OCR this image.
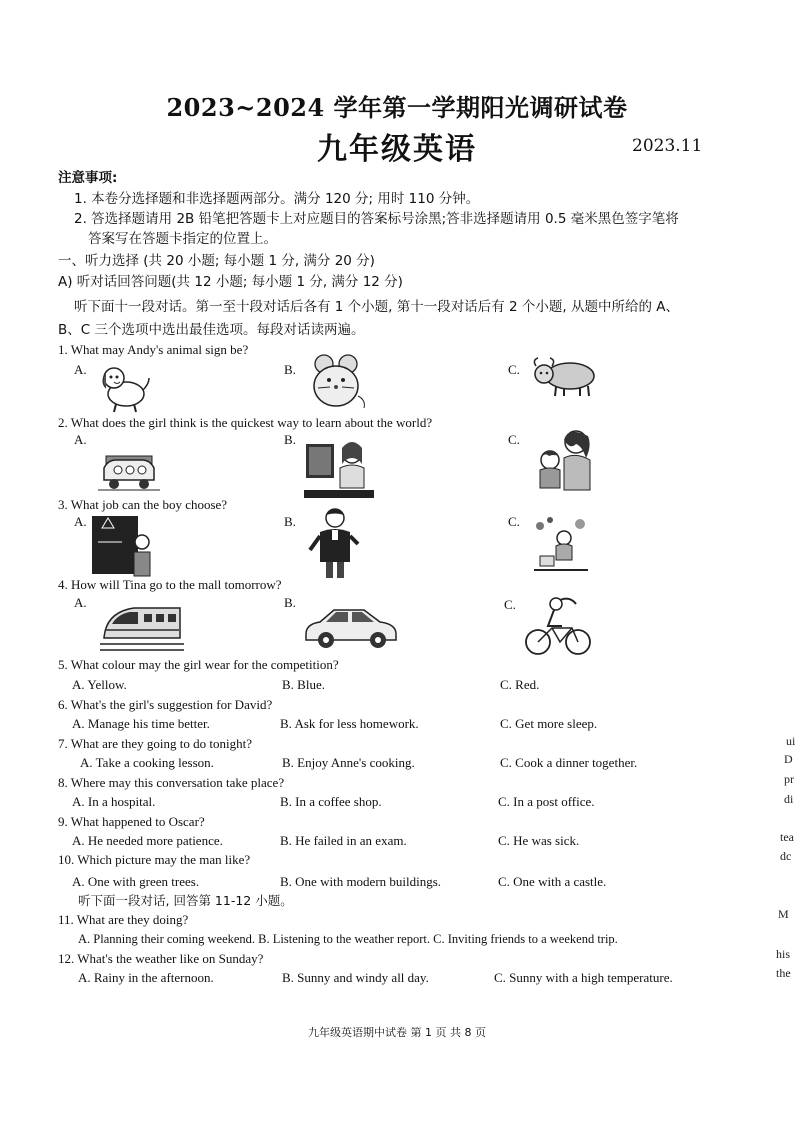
2023~2024 学年第一学期阳光调研试卷
九年级英语	2023.11
注意事项:
1. 本卷分选择题和非选择题两部分。满分 120 分; 用时 110 分钟。
2. 答选择题请用 2B 铅笔把答题卡上对应题目的答案标号涂黑;答非选择题请用 0.5 毫米黑色签字笔将
答案写在答题卡指定的位置上。
一、听力选择 (共 20 小题; 每小题 1 分, 满分 20 分)
A) 听对话回答问题(共 12 小题; 每小题 1 分, 满分 12 分)
听下面十一段对话。第一至十段对话后各有 1 个小题, 第十一段对话后有 2 个小题, 从题中所给的 A、
B、C 三个选项中选出最佳选项。每段对话读两遍。
1. What may Andy's animal sign be?
A.	B.	C.
2. What does the girl think is the quickest way to learn about the world?
A.	B.	C.
3. What job can the boy choose?
A.	B.	C.
4. How will Tina go to the mall tomorrow?
A.	B.	C.
5. What colour may the girl wear for the competition?
A. Yellow.	B. Blue.	C. Red.
6. What's the girl's suggestion for David?
A. Manage his time better.	B. Ask for less homework.	C. Get more sleep.
7. What are they going to do tonight?
A. Take a cooking lesson.	B. Enjoy Anne's cooking.	C. Cook a dinner together.
8. Where may this conversation take place?
A. In a hospital.	B. In a coffee shop.	C. In a post office.
9. What happened to Oscar?
A. He needed more patience.	B. He failed in an exam.	C. He was sick.
10. Which picture may the man like?
A. One with green trees.	B. One with modern buildings.	C. One with a castle.
听下面一段对话, 回答第 11-12 小题。
11. What are they doing?
A. Planning their coming weekend. B. Listening to the weather report. C. Inviting friends to a weekend trip.
12. What's the weather like on Sunday?
A. Rainy in the afternoon.	B. Sunny and windy all day.	C. Sunny with a high temperature.
九年级英语期中试卷 第 1 页 共 8 页
ui
D
pr
di
tea
dc
M
his
the
